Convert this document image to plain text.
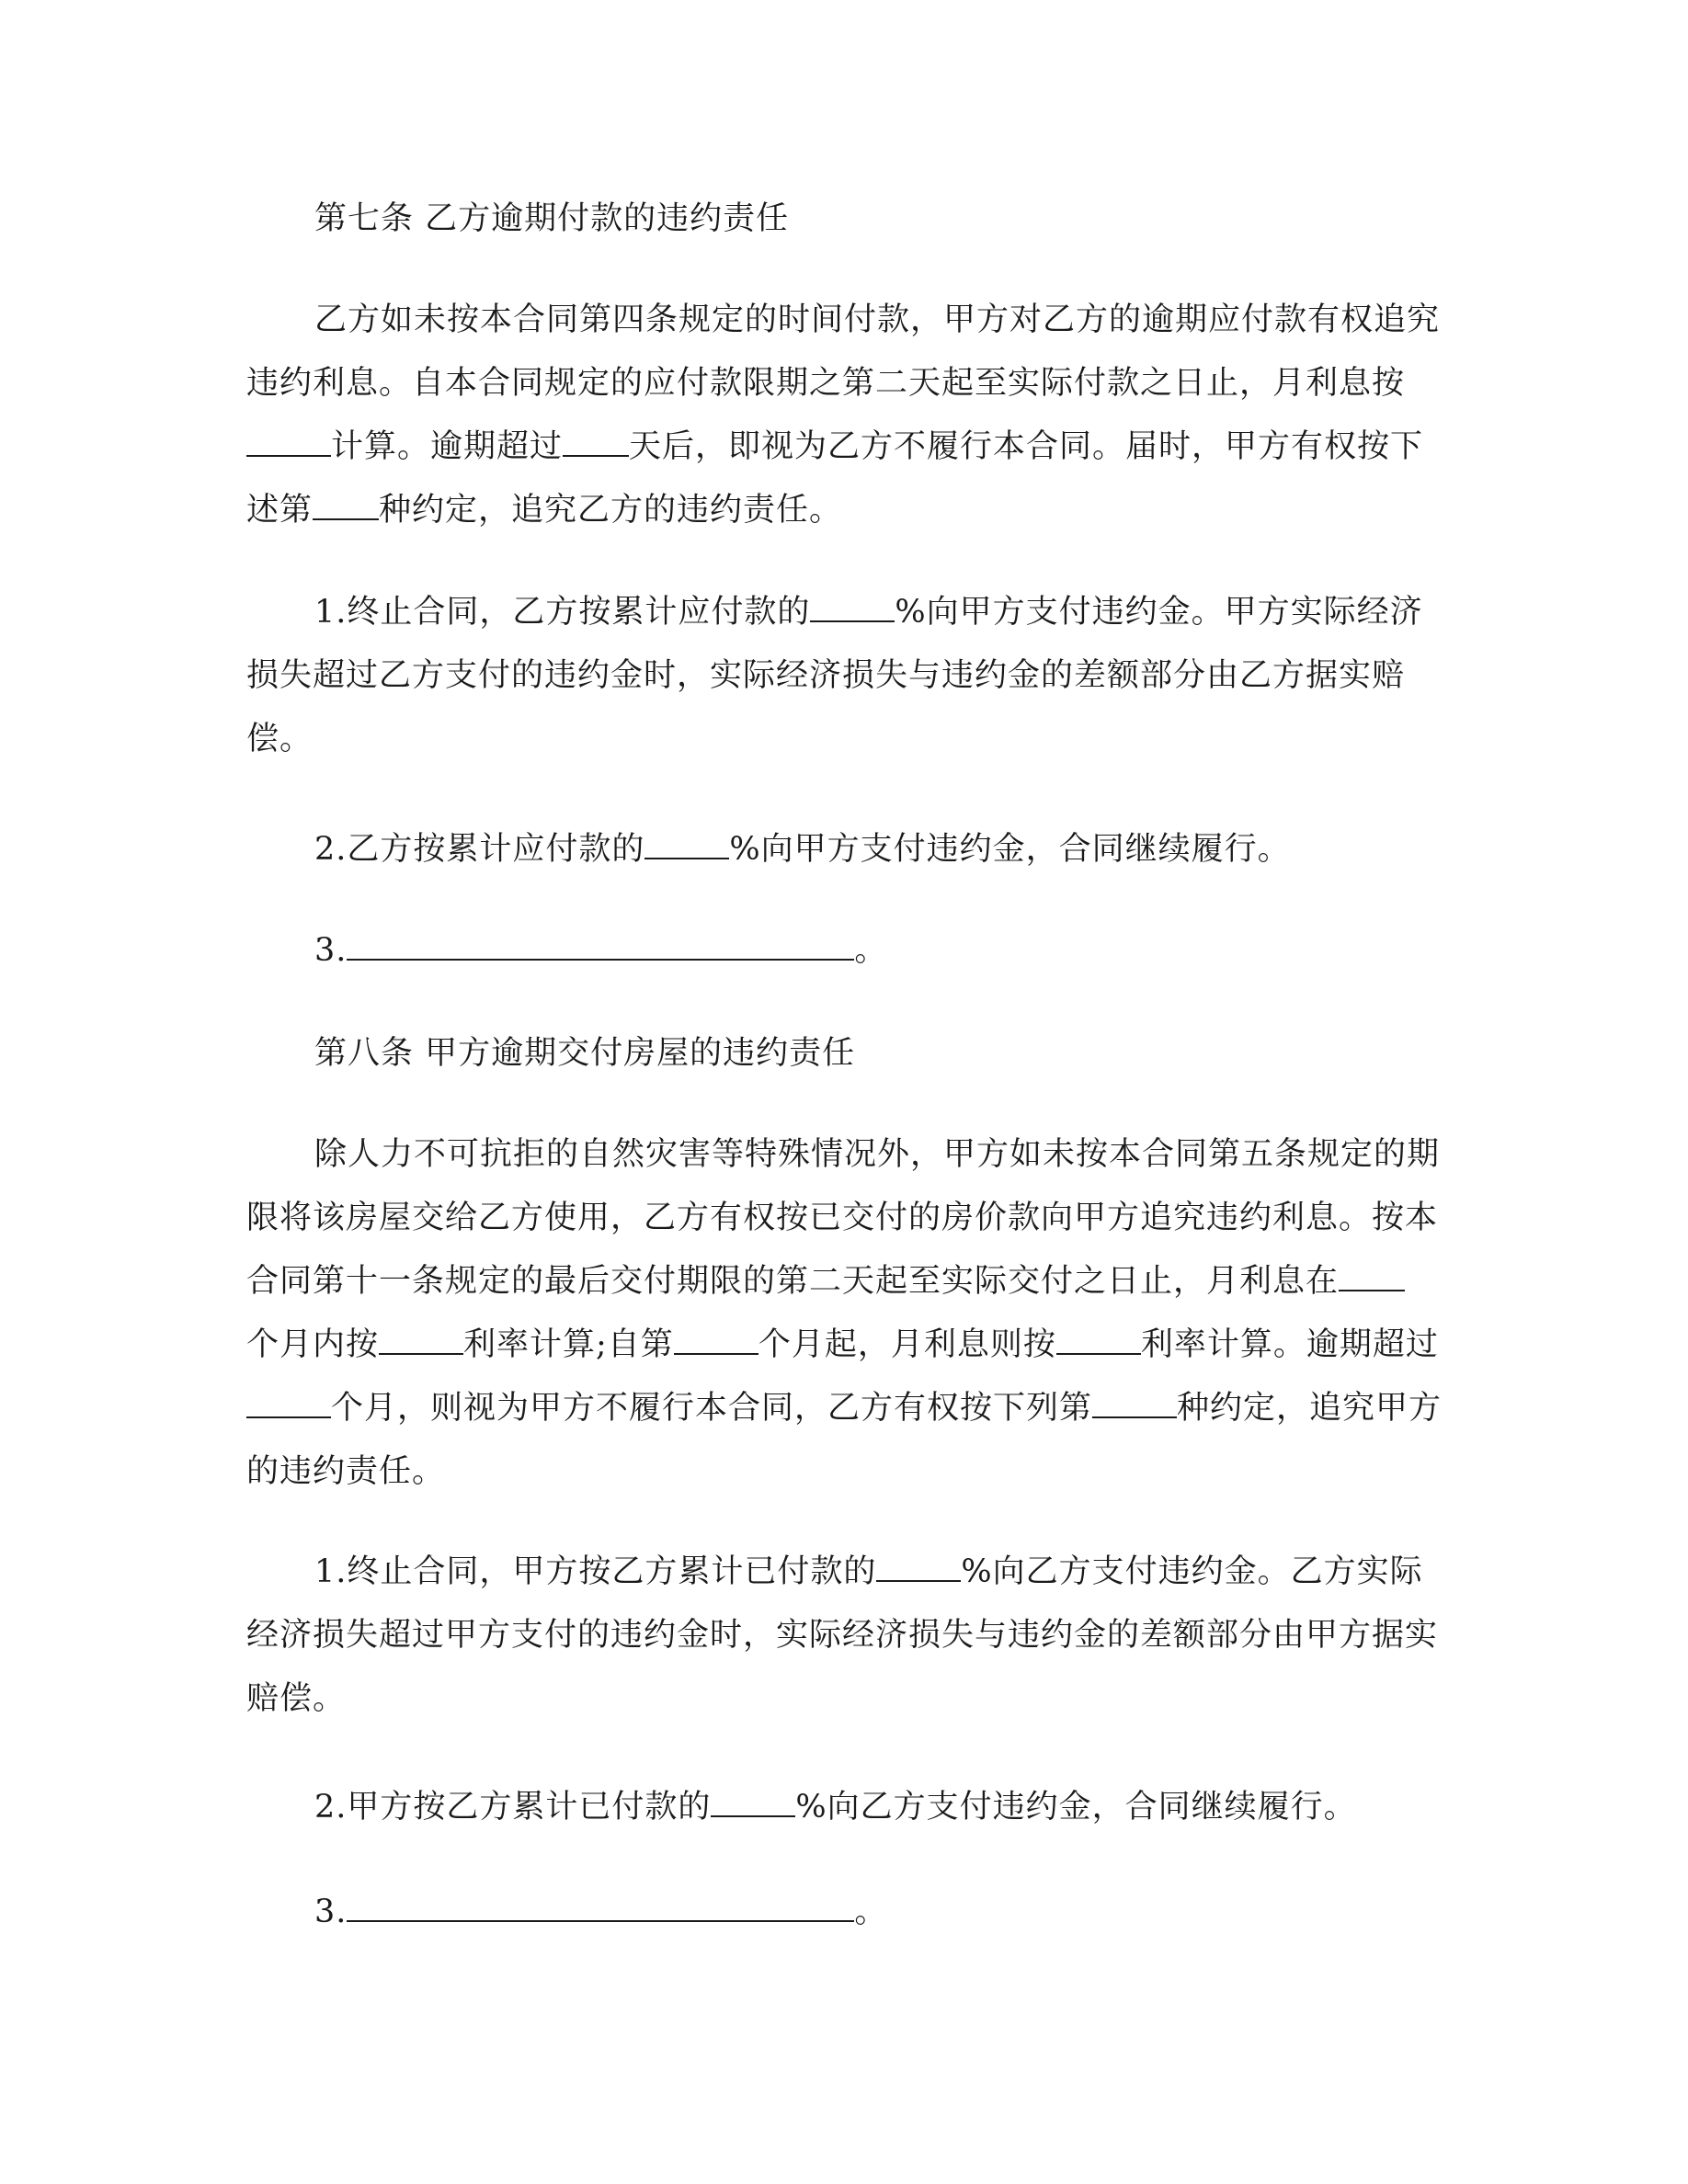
第七条 乙方逾期付款的违约责任
乙方如未按本合同第四条规定的时间付款，甲方对乙方的逾期应付款有权追究
违约利息。自本合同规定的应付款限期之第二天起至实际付款之日止，月利息按
计算。逾期超过 天后，即视为乙方不履行本合同。届时，甲方有权按下
述第 种约定，追究乙方的违约责任。
1.终止合同，乙方按累计应付款的	%向甲方支付违约金。甲方实际经济
损失超过乙方支付的违约金时，实际经济损失与违约金的差额部分由乙方据实赔
偿。
2.乙方按累计应付款的	%向甲方支付违约金，合同继续履行。
3.	。
第八条 甲方逾期交付房屋的违约责任
除人力不可抗拒的自然灾害等特殊情况外，甲方如未按本合同第五条规定的期
限将该房屋交给乙方使用，乙方有权按已交付的房价款向甲方追究违约利息。按本
合同第十一条规定的最后交付期限的第二天起至实际交付之日止，月利息在
个月内按	利率计算;自第	个月起，月利息则按	利率计算。逾期超过
个月，则视为甲方不履行本合同，乙方有权按下列第	种约定，追究甲方
的违约责任。
1.终止合同，甲方按乙方累计已付款的	%向乙方支付违约金。乙方实际
经济损失超过甲方支付的违约金时，实际经济损失与违约金的差额部分由甲方据实
赔偿。
2.甲方按乙方累计已付款的	%向乙方支付违约金，合同继续履行。
3.	。
